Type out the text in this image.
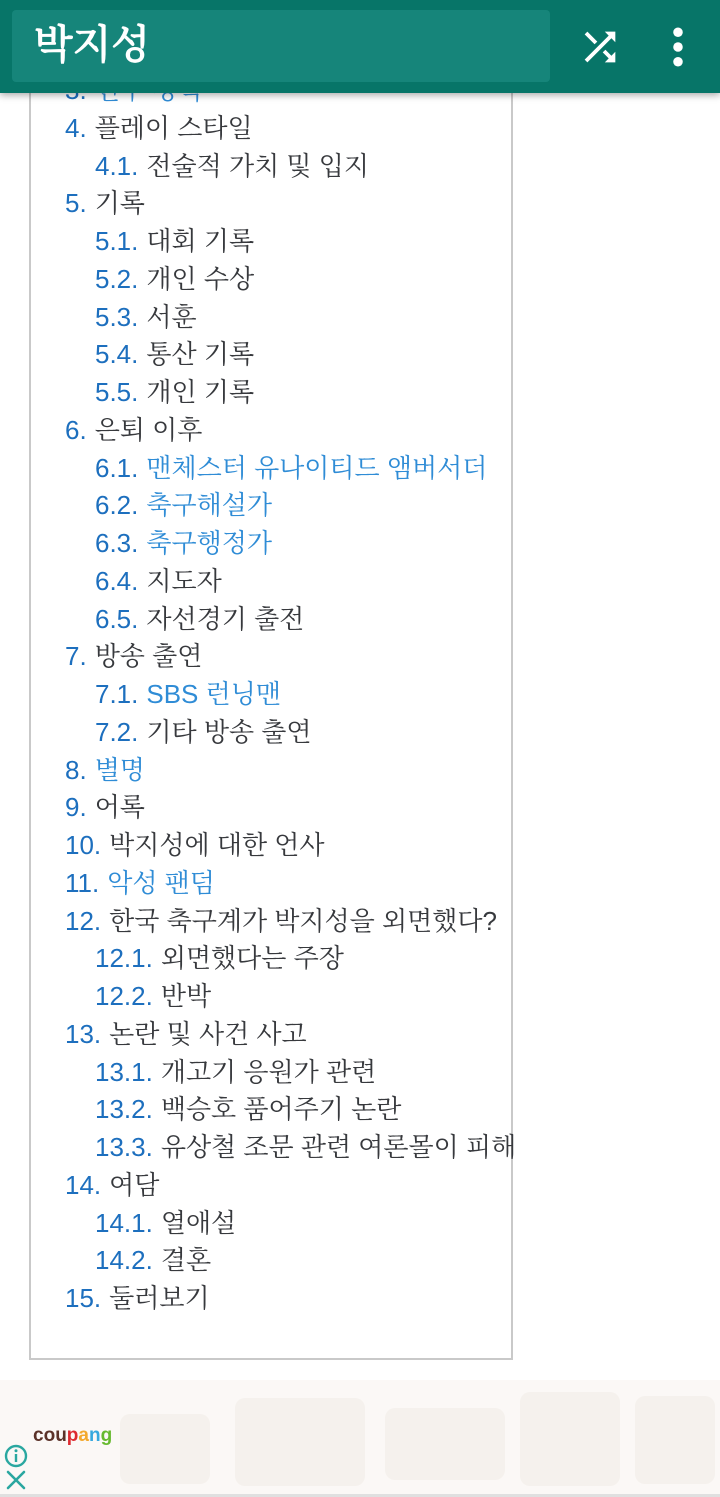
박지성
4. 플레이 스타일
4.1. 전술적 가치 및 입지
5. 기록
5.1. 대회 기록
5.2. 개인 수상
5.3. 서훈
5.4. 통산 기록
5.5. 개인 기록
6. 은퇴 이후
6.1. 맨체스터 유나이티드 앰버서더
6.2. 축구해설가
6.3. 축구행정가
6.4. 지도자
6.5. 자선경기 출전
7. 방송 출연
7.1. SBS 런닝맨
7.2. 기타 방송 출연
8. 별명
9. 어록
10. 박지성에 대한 언사
11. 악성 팬덤
12. 한국 축구계가 박지성을 외면했다?
12.1. 외면했다는 주장
12.2. 반박
13. 논란 및 사건 사고
13.1. 개고기 응원가 관련
13.2. 백승호 품어주기 논란
13.3. 유상철 조문 관련 여론몰이 피해
14. 여담
14.1. 열애설
14.2. 결혼
15. 둘러보기
coupang
